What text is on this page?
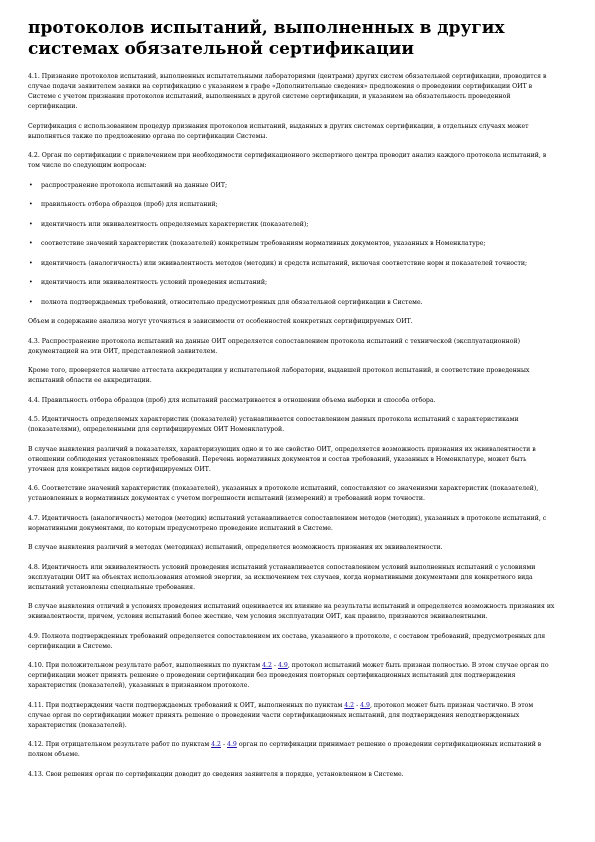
протоколов испытаний, выполненных в других системах обязательной сертификации
4.1. Признание протоколов испытаний, выполненных испытательными лабораториями (центрами) других систем обязательной сертификации, проводится в случае подачи заявителем заявки на сертификацию с указанием в графе «Дополнительные сведения» предложения о проведении сертификации ОИТ в Системе с учетом признания протоколов испытаний, выполненных в другой системе сертификации, и указанием на обязательность проведенной сертификации.
Сертификация с использованием процедур признания протоколов испытаний, выданных в других системах сертификации, в отдельных случаях может выполняться также по предложению органа по сертификации Системы.
4.2. Орган по сертификации с привлечением при необходимости сертификационного экспертного центра проводит анализ каждого протокола испытаний, в том числе по следующим вопросам:
• распространение протокола испытаний на данные ОИТ;
• правильность отбора образцов (проб) для испытаний;
• идентичность или эквивалентность определяемых характеристик (показателей);
• соответствие значений характеристик (показателей) конкретным требованиям нормативных документов, указанных в Номенклатуре;
• идентичность (аналогичность) или эквивалентность методов (методик) и средств испытаний, включая соответствие норм и показателей точности;
• идентичность или эквивалентность условий проведения испытаний;
• полнота подтверждаемых требований, относительно предусмотренных для обязательной сертификации в Системе.
Объем и содержание анализа могут уточняться в зависимости от особенностей конкретных сертифицируемых ОИТ.
4.3. Распространение протокола испытаний на данные ОИТ определяется сопоставлением протокола испытаний с технической (эксплуатационной) документацией на эти ОИТ, представленной заявителем.
Кроме того, проверяется наличие аттестата аккредитации у испытательной лаборатории, выдавшей протокол испытаний, и соответствие проведенных испытаний области ее аккредитации.
4.4. Правильность отбора образцов (проб) для испытаний рассматривается в отношении объема выборки и способа отбора.
4.5. Идентичность определяемых характеристик (показателей) устанавливается сопоставлением данных протокола испытаний с характеристиками (показателями), определенными для сертифицируемых ОИТ Номенклатурой.
В случае выявления различий в показателях, характеризующих одно и то же свойство ОИТ, определяется возможность признания их эквивалентности в отношении соблюдения установленных требований. Перечень нормативных документов и состав требований, указанных в Номенклатуре, может быть уточнен для конкретных видов сертифицируемых ОИТ.
4.6. Соответствие значений характеристик (показателей), указанных в протоколе испытаний, сопоставляют со значениями характеристик (показателей), установленных в нормативных документах с учетом погрешности испытаний (измерений) и требований норм точности.
4.7. Идентичность (аналогичность) методов (методик) испытаний устанавливается сопоставлением методов (методик), указанных в протоколе испытаний, с нормативными документами, по которым предусмотрено проведение испытаний в Системе.
В случае выявления различий в методах (методиках) испытаний, определяется возможность признания их эквивалентности.
4.8. Идентичность или эквивалентность условий проведения испытаний устанавливается сопоставлением условий выполненных испытаний с условиями эксплуатации ОИТ на объектах использования атомной энергии, за исключением тех случаев, когда нормативными документами для конкретного вида испытаний установлены специальные требования.
В случае выявления отличий в условиях проведения испытаний оценивается их влияние на результаты испытаний и определяется возможность признания их эквивалентности, причем, условия испытаний более жесткие, чем условия эксплуатации ОИТ, как правило, признаются эквивалентными.
4.9. Полнота подтвержденных требований определяется сопоставлением их состава, указанного в протоколе, с составом требований, предусмотренных для сертификации в Системе.
4.10. При положительном результате работ, выполненных по пунктам 4.2 - 4.9, протокол испытаний может быть признан полностью. В этом случае орган по сертификации может принять решение о проведении сертификации без проведения повторных сертификационных испытаний для подтверждения характеристик (показателей), указанных в признанном протоколе.
4.11. При подтверждении части подтверждаемых требований к ОИТ, выполненных по пунктам 4.2 - 4.9, протокол может быть признан частично. В этом случае орган по сертификации может принять решение о проведении части сертификационных испытаний, для подтверждения неподтвержденных характеристик (показателей).
4.12. При отрицательном результате работ по пунктам 4.2 - 4.9 орган по сертификации принимает решение о проведении сертификационных испытаний в полном объеме.
4.13. Свои решения орган по сертификации доводит до сведения заявителя в порядке, установленном в Системе.
